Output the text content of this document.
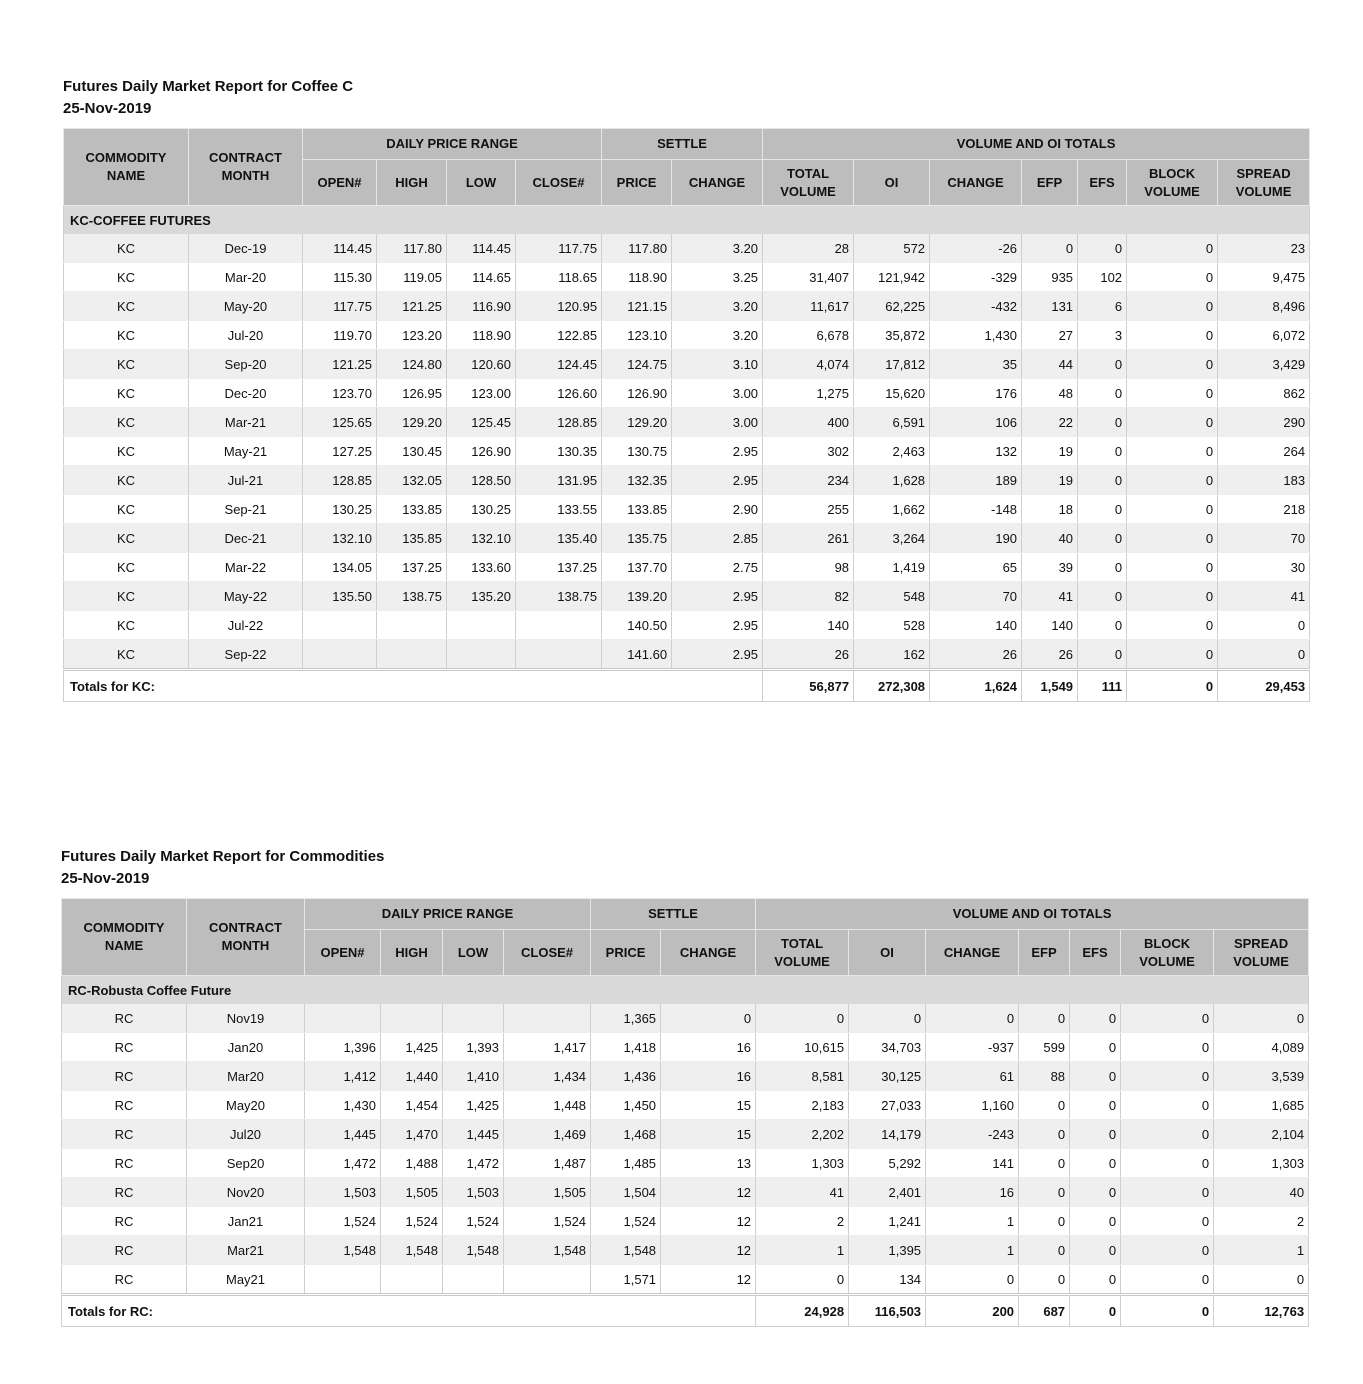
Futures Daily Market Report for Coffee C
25-Nov-2019
COMMODITY NAME	CONTRACT MONTH	DAILY PRICE RANGE				SETTLE		VOLUME AND OI TOTALS						
		OPEN#	HIGH	LOW	CLOSE#	PRICE	CHANGE	TOTAL VOLUME	OI	CHANGE	EFP	EFS	BLOCK VOLUME	SPREAD VOLUME
KC-COFFEE FUTURES														
KC	Dec-19	114.45	117.80	114.45	117.75	117.80	3.20	28	572	-26	0	0	0	23
KC	Mar-20	115.30	119.05	114.65	118.65	118.90	3.25	31,407	121,942	-329	935	102	0	9,475
KC	May-20	117.75	121.25	116.90	120.95	121.15	3.20	11,617	62,225	-432	131	6	0	8,496
KC	Jul-20	119.70	123.20	118.90	122.85	123.10	3.20	6,678	35,872	1,430	27	3	0	6,072
KC	Sep-20	121.25	124.80	120.60	124.45	124.75	3.10	4,074	17,812	35	44	0	0	3,429
KC	Dec-20	123.70	126.95	123.00	126.60	126.90	3.00	1,275	15,620	176	48	0	0	862
KC	Mar-21	125.65	129.20	125.45	128.85	129.20	3.00	400	6,591	106	22	0	0	290
KC	May-21	127.25	130.45	126.90	130.35	130.75	2.95	302	2,463	132	19	0	0	264
KC	Jul-21	128.85	132.05	128.50	131.95	132.35	2.95	234	1,628	189	19	0	0	183
KC	Sep-21	130.25	133.85	130.25	133.55	133.85	2.90	255	1,662	-148	18	0	0	218
KC	Dec-21	132.10	135.85	132.10	135.40	135.75	2.85	261	3,264	190	40	0	0	70
KC	Mar-22	134.05	137.25	133.60	137.25	137.70	2.75	98	1,419	65	39	0	0	30
KC	May-22	135.50	138.75	135.20	138.75	139.20	2.95	82	548	70	41	0	0	41
KC	Jul-22					140.50	2.95	140	528	140	140	0	0	0
KC	Sep-22					141.60	2.95	26	162	26	26	0	0	0
Totals for KC:								56,877	272,308	1,624	1,549	111	0	29,453
Futures Daily Market Report for Commodities
25-Nov-2019
COMMODITY NAME	CONTRACT MONTH	DAILY PRICE RANGE				SETTLE		VOLUME AND OI TOTALS						
		OPEN#	HIGH	LOW	CLOSE#	PRICE	CHANGE	TOTAL VOLUME	OI	CHANGE	EFP	EFS	BLOCK VOLUME	SPREAD VOLUME
RC-Robusta Coffee Future														
RC	Nov19					1,365	0	0	0	0	0	0	0	0
RC	Jan20	1,396	1,425	1,393	1,417	1,418	16	10,615	34,703	-937	599	0	0	4,089
RC	Mar20	1,412	1,440	1,410	1,434	1,436	16	8,581	30,125	61	88	0	0	3,539
RC	May20	1,430	1,454	1,425	1,448	1,450	15	2,183	27,033	1,160	0	0	0	1,685
RC	Jul20	1,445	1,470	1,445	1,469	1,468	15	2,202	14,179	-243	0	0	0	2,104
RC	Sep20	1,472	1,488	1,472	1,487	1,485	13	1,303	5,292	141	0	0	0	1,303
RC	Nov20	1,503	1,505	1,503	1,505	1,504	12	41	2,401	16	0	0	0	40
RC	Jan21	1,524	1,524	1,524	1,524	1,524	12	2	1,241	1	0	0	0	2
RC	Mar21	1,548	1,548	1,548	1,548	1,548	12	1	1,395	1	0	0	0	1
RC	May21					1,571	12	0	134	0	0	0	0	0
Totals for RC:								24,928	116,503	200	687	0	0	12,763
